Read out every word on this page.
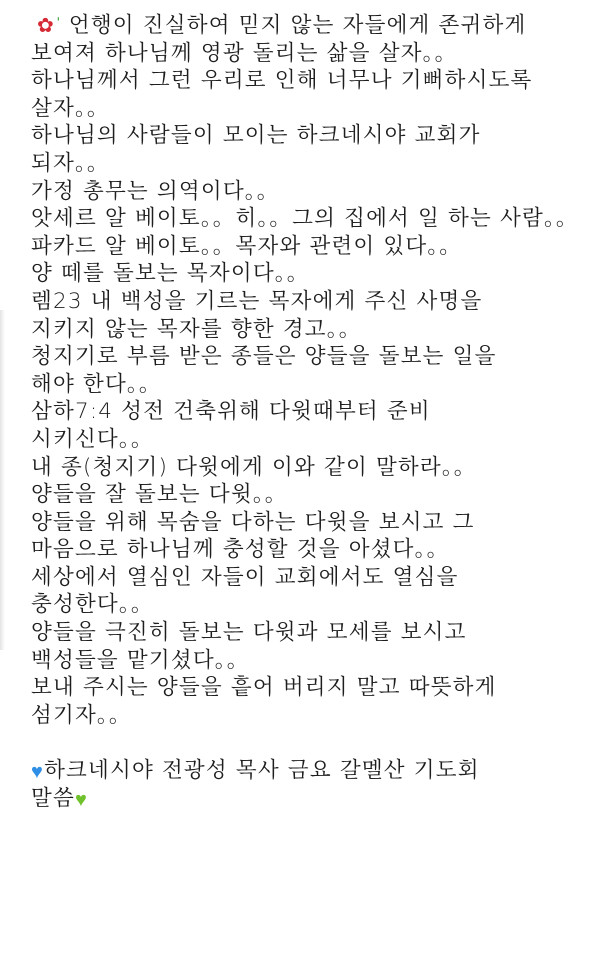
✿ˈ 언행이 진실하여 믿지 않는 자들에게 존귀하게
보여져 하나님께 영광 돌리는 삶을 살자。。
하나님께서 그런 우리로 인해 너무나 기뻐하시도록
살자。。
하나님의 사람들이 모이는 하크네시야 교회가
되자。。
가정 총무는 의역이다。。
앗세르 알 베이토。。히。。그의 집에서 일 하는 사람。。
파카드 알 베이토。。목자와 관련이 있다。。
양 떼를 돌보는 목자이다。。
렘23 내 백성을 기르는 목자에게 주신 사명을
지키지 않는 목자를 향한 경고。。
청지기로 부름 받은 종들은 양들을 돌보는 일을
해야 한다。。
삼하7:4 성전 건축위해 다윗때부터 준비
시키신다。。
내 종(청지기) 다윗에게 이와 같이 말하라。。
양들을 잘 돌보는 다윗。。
양들을 위해 목숨을 다하는 다윗을 보시고 그
마음으로 하나님께 충성할 것을 아셨다。。
세상에서 열심인 자들이 교회에서도 열심을
충성한다。。
양들을 극진히 돌보는 다윗과 모세를 보시고
백성들을 맡기셨다。。
보내 주시는 양들을 흩어 버리지 말고 따뜻하게
섬기자。。
♥하크네시야 전광성 목사 금요 갈멜산 기도회
말씀♥
